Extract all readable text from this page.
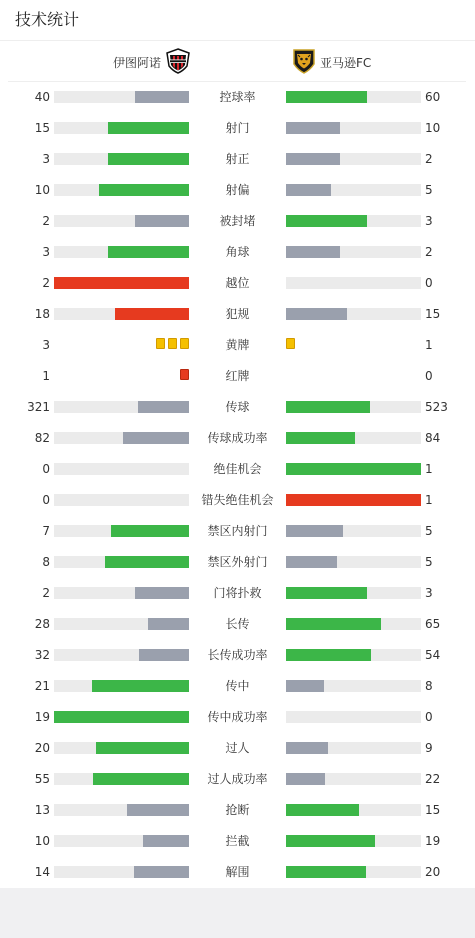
技术统计
伊图阿诺	亚马逊FC
40	控球率	60
15	射门	10
3	射正	2
10	射偏	5
2	被封堵	3
3	角球	2
2	越位	0
18	犯规	15
3	黄牌	1
1	红牌	0
321	传球	523
82	传球成功率	84
0	绝佳机会	1
0	错失绝佳机会	1
7	禁区内射门	5
8	禁区外射门	5
2	门将扑救	3
28	长传	65
32	长传成功率	54
21	传中	8
19	传中成功率	0
20	过人	9
55	过人成功率	22
13	抢断	15
10	拦截	19
14	解围	20
